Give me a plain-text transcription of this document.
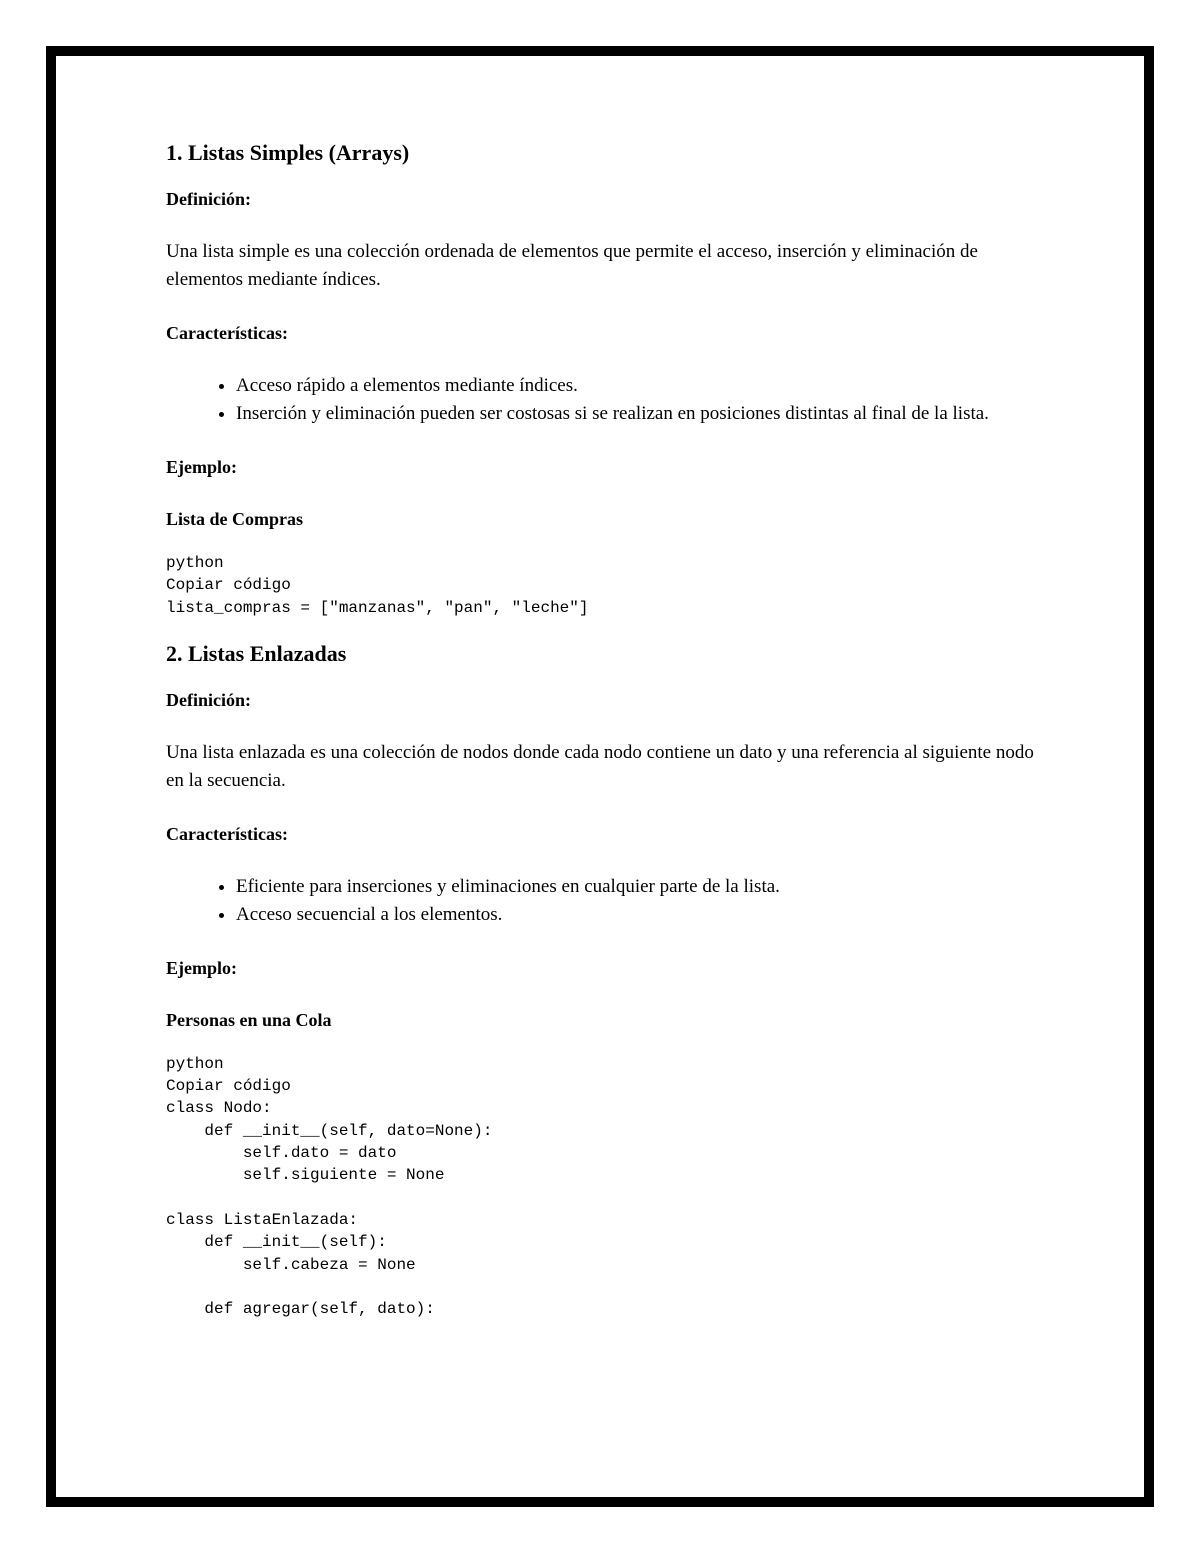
1. Listas Simples (Arrays)
Definición:

Una lista simple es una colección ordenada de elementos que permite el acceso, inserción y eliminación de elementos mediante índices.

Características:
• Acceso rápido a elementos mediante índices.
• Inserción y eliminación pueden ser costosas si se realizan en posiciones distintas al final de la lista.
Ejemplo:
Lista de Compras
python
Copiar código
lista_compras = ["manzanas", "pan", "leche"]
2. Listas Enlazadas
Definición:

Una lista enlazada es una colección de nodos donde cada nodo contiene un dato y una referencia al siguiente nodo en la secuencia.

Características:
• Eficiente para inserciones y eliminaciones en cualquier parte de la lista.
• Acceso secuencial a los elementos.
Ejemplo:
Personas en una Cola
python
Copiar código
class Nodo:
def __init__(self, dato=None):
self.dato = dato
self.siguiente = None

class ListaEnlazada:
def __init__(self):
self.cabeza = None

def agregar(self, dato):
